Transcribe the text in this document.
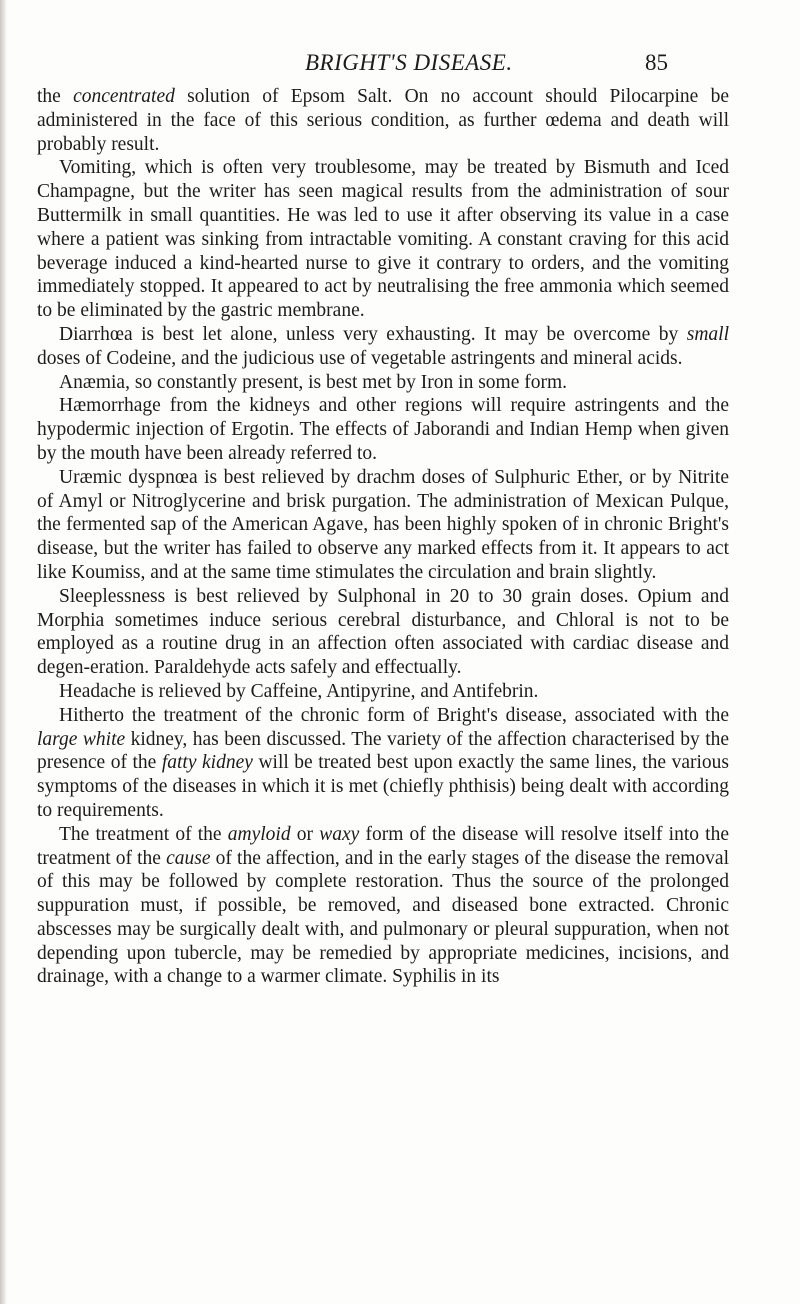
BRIGHT'S DISEASE.	85

the concentrated solution of Epsom Salt. On no account should Pilocarpine be administered in the face of this serious condition, as further œdema and death will probably result.

Vomiting, which is often very troublesome, may be treated by Bismuth and Iced Champagne, but the writer has seen magical results from the administration of sour Buttermilk in small quantities. He was led to use it after observing its value in a case where a patient was sinking from intractable vomiting. A constant craving for this acid beverage induced a kind-hearted nurse to give it contrary to orders, and the vomiting immediately stopped. It appeared to act by neutralising the free ammonia which seemed to be eliminated by the gastric membrane.

Diarrhœa is best let alone, unless very exhausting. It may be overcome by small doses of Codeine, and the judicious use of vegetable astringents and mineral acids.

Anæmia, so constantly present, is best met by Iron in some form.

Hæmorrhage from the kidneys and other regions will require astringents and the hypodermic injection of Ergotin. The effects of Jaborandi and Indian Hemp when given by the mouth have been already referred to.

Uræmic dyspnœa is best relieved by drachm doses of Sulphuric Ether, or by Nitrite of Amyl or Nitroglycerine and brisk purgation. The administration of Mexican Pulque, the fermented sap of the American Agave, has been highly spoken of in chronic Bright's disease, but the writer has failed to observe any marked effects from it. It appears to act like Koumiss, and at the same time stimulates the circulation and brain slightly.

Sleeplessness is best relieved by Sulphonal in 20 to 30 grain doses. Opium and Morphia sometimes induce serious cerebral disturbance, and Chloral is not to be employed as a routine drug in an affection often associated with cardiac disease and degen-eration. Paraldehyde acts safely and effectually.

Headache is relieved by Caffeine, Antipyrine, and Antifebrin.

Hitherto the treatment of the chronic form of Bright's disease, associated with the large white kidney, has been discussed. The variety of the affection characterised by the presence of the fatty kidney will be treated best upon exactly the same lines, the various symptoms of the diseases in which it is met (chiefly phthisis) being dealt with according to requirements.

The treatment of the amyloid or waxy form of the disease will resolve itself into the treatment of the cause of the affection, and in the early stages of the disease the removal of this may be followed by complete restoration. Thus the source of the prolonged suppuration must, if possible, be removed, and diseased bone extracted. Chronic abscesses may be surgically dealt with, and pulmonary or pleural suppuration, when not depending upon tubercle, may be remedied by appropriate medicines, incisions, and drainage, with a change to a warmer climate. Syphilis in its
